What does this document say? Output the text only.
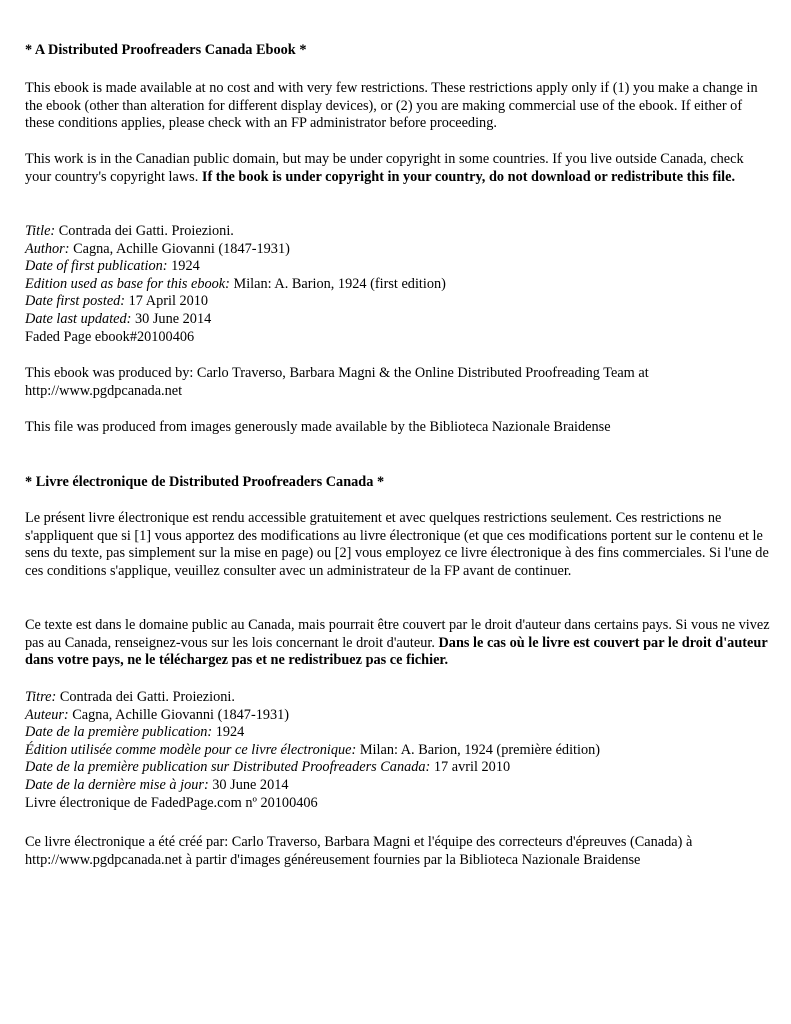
* A Distributed Proofreaders Canada Ebook *

This ebook is made available at no cost and with very few restrictions. These restrictions apply only if (1) you make a change in the ebook (other than alteration for different display devices), or (2) you are making commercial use of the ebook. If either of these conditions applies, please check with an FP administrator before proceeding.

This work is in the Canadian public domain, but may be under copyright in some countries. If you live outside Canada, check your country's copyright laws. If the book is under copyright in your country, do not download or redistribute this file.

Title: Contrada dei Gatti. Proiezioni.
Author: Cagna, Achille Giovanni (1847-1931)
Date of first publication: 1924
Edition used as base for this ebook: Milan: A. Barion, 1924 (first edition)
Date first posted: 17 April 2010
Date last updated: 30 June 2014
Faded Page ebook#20100406

This ebook was produced by: Carlo Traverso, Barbara Magni & the Online Distributed Proofreading Team at http://www.pgdpcanada.net

This file was produced from images generously made available by the Biblioteca Nazionale Braidense

* Livre électronique de Distributed Proofreaders Canada *

Le présent livre électronique est rendu accessible gratuitement et avec quelques restrictions seulement. Ces restrictions ne s'appliquent que si [1] vous apportez des modifications au livre électronique (et que ces modifications portent sur le contenu et le sens du texte, pas simplement sur la mise en page) ou [2] vous employez ce livre électronique à des fins commerciales. Si l'une de ces conditions s'applique, veuillez consulter avec un administrateur de la FP avant de continuer.

Ce texte est dans le domaine public au Canada, mais pourrait être couvert par le droit d'auteur dans certains pays. Si vous ne vivez pas au Canada, renseignez-vous sur les lois concernant le droit d'auteur. Dans le cas où le livre est couvert par le droit d'auteur dans votre pays, ne le téléchargez pas et ne redistribuez pas ce fichier.

Titre: Contrada dei Gatti. Proiezioni.
Auteur: Cagna, Achille Giovanni (1847-1931)
Date de la première publication: 1924
Édition utilisée comme modèle pour ce livre électronique: Milan: A. Barion, 1924 (première édition)
Date de la première publication sur Distributed Proofreaders Canada: 17 avril 2010
Date de la dernière mise à jour: 30 June 2014
Livre électronique de FadedPage.com nº 20100406

Ce livre électronique a été créé par: Carlo Traverso, Barbara Magni et l'équipe des correcteurs d'épreuves (Canada) à http://www.pgdpcanada.net à partir d'images généreusement fournies par la Biblioteca Nazionale Braidense
